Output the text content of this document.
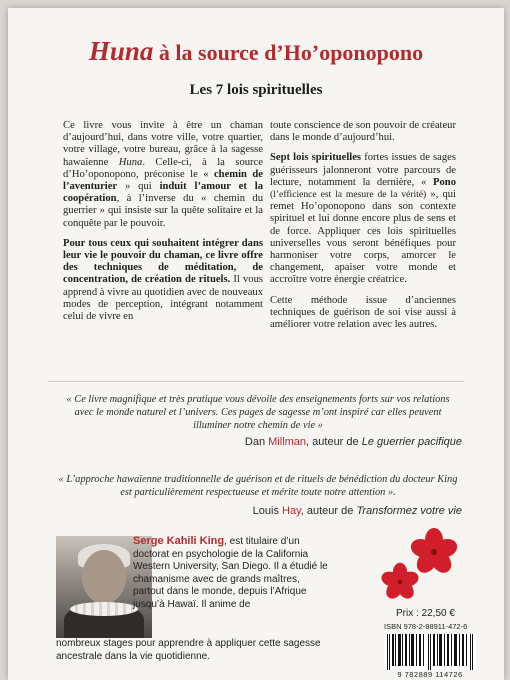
Huna à la source d’Ho’oponopono
Les 7 lois spirituelles

Ce livre vous invite à être un chaman d’aujourd’hui, dans votre ville, votre quartier, votre village, votre bureau, grâce à la sagesse hawaïenne Huna. Celle-ci, à la source d’Ho’oponopono, préconise le « chemin de l’aventurier » qui induit l’amour et la coopération, à l’inverse du « chemin du guerrier » qui insiste sur la quête solitaire et la conquête par le pouvoir.

Pour tous ceux qui souhaitent intégrer dans leur vie le pouvoir du chaman, ce livre offre des techniques de méditation, de concentration, de création de rituels. Il vous apprend à vivre au quotidien avec de nouveaux modes de perception, intégrant notamment celui de vivre en

toute conscience de son pouvoir de créateur dans le monde d’aujourd’hui.

Sept lois spirituelles fortes issues de sages guérisseurs jalonneront votre parcours de lecture, notamment la dernière, « Pono (l’efficience est la mesure de la vérité) », qui remet Ho’oponopono dans son contexte spirituel et lui donne encore plus de sens et de force. Appliquer ces lois spirituelles universelles vous seront bénéfiques pour harmoniser votre corps, amorcer le changement, apaiser votre monde et accroître votre énergie créatrice.

Cette méthode issue d’anciennes techniques de guérison de soi vise aussi à améliorer votre relation avec les autres.

« Ce livre magnifique et très pratique vous dévoile des enseignements forts sur vos relations avec le monde naturel et l’univers. Ces pages de sagesse m’ont inspiré car elles peuvent illuminer notre chemin de vie »

Dan Millman, auteur de Le guerrier pacifique

« L’approche hawaïenne traditionnelle de guérison et de rituels de bénédiction du docteur King est particulièrement respectueuse et mérite toute notre attention ».

Louis Hay, auteur de Transformez votre vie
Serge Kahili King, est titulaire d’un doctorat en psychologie de la California Western University, San Diego. Il a étudié le chamanisme avec de grands maîtres, partout dans le monde, depuis l’Afrique jusqu’à Hawaï. Il anime de
nombreux stages pour apprendre à appliquer cette sagesse ancestrale dans la vie quotidienne.
Prix : 22,50 €
ISBN 978-2-88911-472-6
9 782889 114726
